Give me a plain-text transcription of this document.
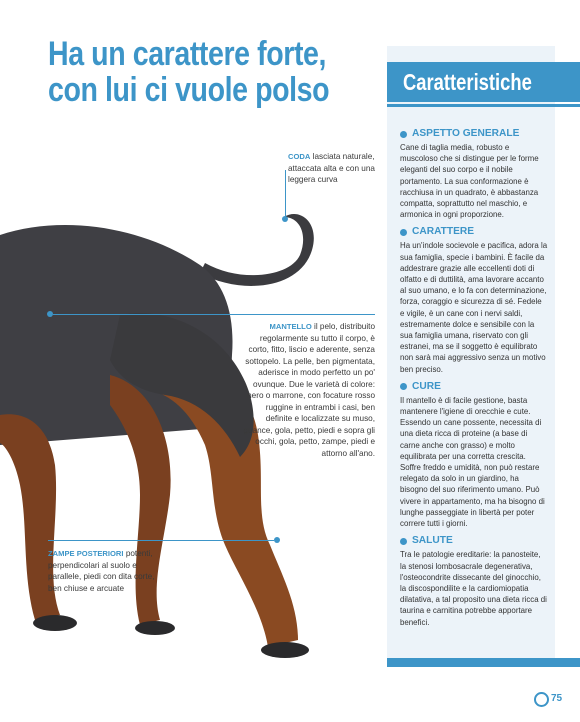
Ha un carattere forte,
con lui ci vuole polso
CODA lasciata naturale, attaccata alta e con una leggera curva
MANTELLO il pelo, distribuito regolarmente su tutto il corpo, è corto, fitto, liscio e aderente, senza sottopelo. La pelle, ben pigmentata, aderisce in modo perfetto un po' ovunque. Due le varietà di colore: nero o marrone, con focature rosso ruggine in entrambi i casi, ben definite e localizzate su muso, guance, gola, petto, piedi e sopra gli occhi, gola, petto, zampe, piedi e attorno all'ano.
ZAMPE POSTERIORI potenti, perpendicolari al suolo e parallele, piedi con dita corte, ben chiuse e arcuate
Caratteristiche
ASPETTO GENERALE
Cane di taglia media, robusto e muscoloso che si distingue per le forme eleganti del suo corpo e il nobile portamento. La sua conformazione è racchiusa in un quadrato, è abbastanza compatta, soprattutto nel maschio, e armonica in ogni proporzione.
CARATTERE
Ha un'indole socievole e pacifica, adora la sua famiglia, specie i bambini. È facile da addestrare grazie alle eccellenti doti di olfatto e di duttilità, ama lavorare accanto al suo umano, e lo fa con determinazione, forza, coraggio e sicurezza di sé. Fedele e vigile, è un cane con i nervi saldi, estremamente dolce e sensibile con la sua famiglia umana, riservato con gli estranei, ma se il soggetto è equilibrato non sarà mai aggressivo senza un motivo ben preciso.
CURE
Il mantello è di facile gestione, basta mantenere l'igiene di orecchie e cute. Essendo un cane possente, necessita di una dieta ricca di proteine (a base di carne anche con grasso) e molto equilibrata per una corretta crescita. Soffre freddo e umidità, non può restare relegato da solo in un giardino, ha bisogno del suo riferimento umano. Può vivere in appartamento, ma ha bisogno di lunghe passeggiate in libertà per poter correre tutti i giorni.
SALUTE
Tra le patologie ereditarie: la panosteite, la stenosi lombosacrale degenerativa, l'osteocondrite dissecante del ginocchio, la discospondilite e la cardiomiopatia dilatativa, a tal proposito una dieta ricca di taurina e carnitina potrebbe apportare benefici.
75
